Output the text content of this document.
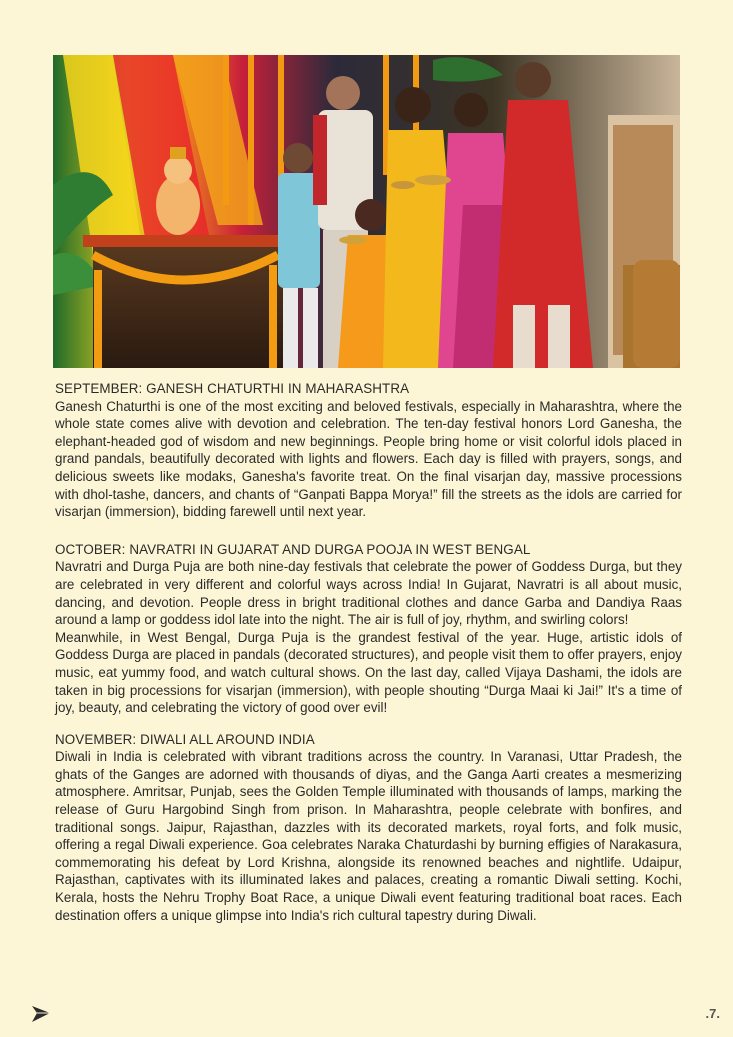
SEPTEMBER: GANESH CHATURTHI IN MAHARASHTRA

Ganesh Chaturthi is one of the most exciting and beloved festivals, especially in Maharashtra, where the whole state comes alive with devotion and celebration. The ten-day festival honors Lord Ganesha, the elephant-headed god of wisdom and new beginnings. People bring home or visit colorful idols placed in grand pandals, beautifully decorated with lights and flowers. Each day is filled with prayers, songs, and delicious sweets like modaks, Ganesha's favorite treat. On the final visarjan day, massive processions with dhol-tashe, dancers, and chants of “Ganpati Bappa Morya!” fill the streets as the idols are carried for visarjan (immersion), bidding farewell until next year.

OCTOBER: NAVRATRI IN GUJARAT AND DURGA POOJA IN WEST BENGAL

Navratri and Durga Puja are both nine-day festivals that celebrate the power of Goddess Durga, but they are celebrated in very different and colorful ways across India! In Gujarat, Navratri is all about music, dancing, and devotion. People dress in bright traditional clothes and dance Garba and Dandiya Raas around a lamp or goddess idol late into the night. The air is full of joy, rhythm, and swirling colors!

Meanwhile, in West Bengal, Durga Puja is the grandest festival of the year. Huge, artistic idols of Goddess Durga are placed in pandals (decorated structures), and people visit them to offer prayers, enjoy music, eat yummy food, and watch cultural shows. On the last day, called Vijaya Dashami, the idols are taken in big processions for visarjan (immersion), with people shouting “Durga Maai ki Jai!” It's a time of joy, beauty, and celebrating the victory of good over evil!

NOVEMBER: DIWALI ALL AROUND INDIA

Diwali in India is celebrated with vibrant traditions across the country. In Varanasi, Uttar Pradesh, the ghats of the Ganges are adorned with thousands of diyas, and the Ganga Aarti creates a mesmerizing atmosphere. Amritsar, Punjab, sees the Golden Temple illuminated with thousands of lamps, marking the release of Guru Hargobind Singh from prison. In Maharashtra, people celebrate with bonfires, and traditional songs. Jaipur, Rajasthan, dazzles with its decorated markets, royal forts, and folk music, offering a regal Diwali experience. Goa celebrates Naraka Chaturdashi by burning effigies of Narakasura, commemorating his defeat by Lord Krishna, alongside its renowned beaches and nightlife. Udaipur, Rajasthan, captivates with its illuminated lakes and palaces, creating a romantic Diwali setting. Kochi, Kerala, hosts the Nehru Trophy Boat Race, a unique Diwali event featuring traditional boat races. Each destination offers a unique glimpse into India's rich cultural tapestry during Diwali.

.7.
